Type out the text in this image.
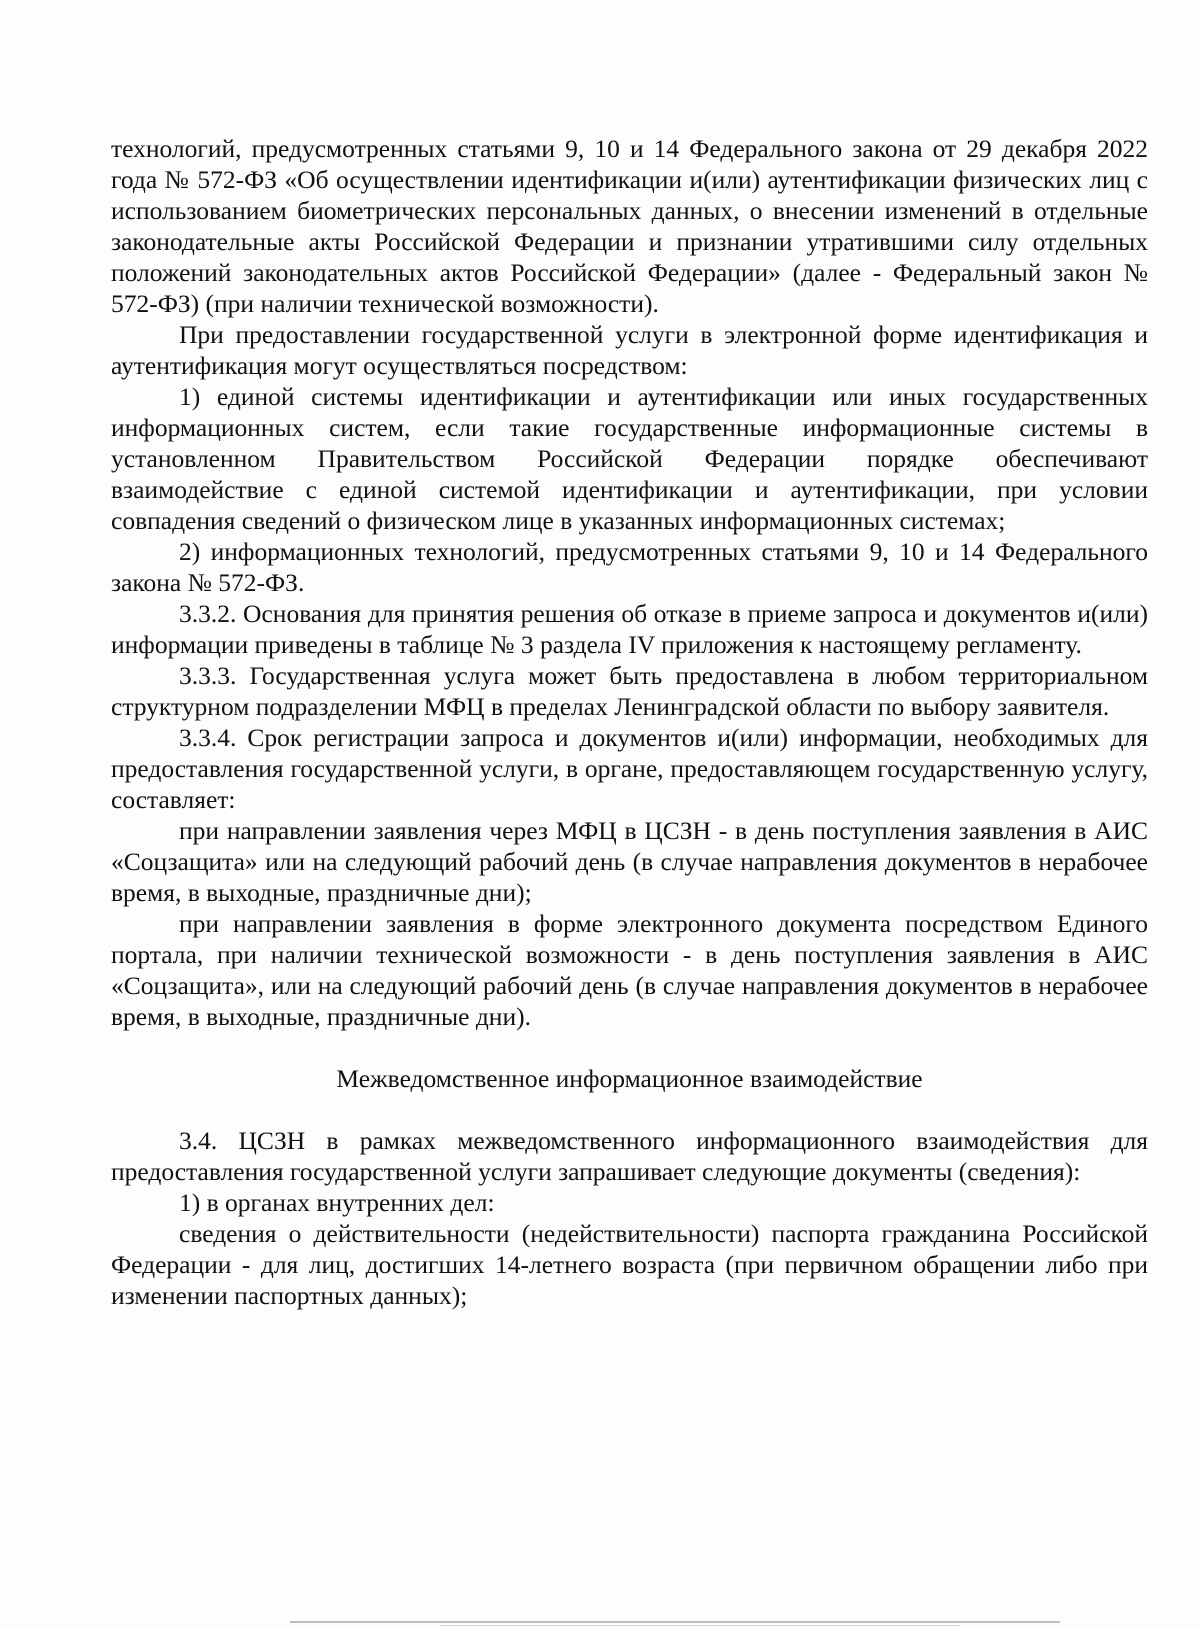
технологий, предусмотренных статьями 9, 10 и 14 Федерального закона от 29 декабря 2022 года № 572-ФЗ «Об осуществлении идентификации и(или) аутентификации физических лиц с использованием биометрических персональных данных, о внесении изменений в отдельные законодательные акты Российской Федерации и признании утратившими силу отдельных положений законодательных актов Российской Федерации» (далее - Федеральный закон № 572-ФЗ) (при наличии технической возможности).

При предоставлении государственной услуги в электронной форме идентификация и аутентификация могут осуществляться посредством:

1) единой системы идентификации и аутентификации или иных государственных информационных систем, если такие государственные информационные системы в установленном Правительством Российской Федерации порядке обеспечивают взаимодействие с единой системой идентификации и аутентификации, при условии совпадения сведений о физическом лице в указанных информационных системах;

2) информационных технологий, предусмотренных статьями 9, 10 и 14 Федерального закона № 572-ФЗ.

3.3.2. Основания для принятия решения об отказе в приеме запроса и документов и(или) информации приведены в таблице № 3 раздела IV приложения к настоящему регламенту.

3.3.3. Государственная услуга может быть предоставлена в любом территориальном структурном подразделении МФЦ в пределах Ленинградской области по выбору заявителя.

3.3.4. Срок регистрации запроса и документов и(или) информации, необходимых для предоставления государственной услуги, в органе, предоставляющем государственную услугу, составляет:

при направлении заявления через МФЦ в ЦСЗН - в день поступления заявления в АИС «Соцзащита» или на следующий рабочий день (в случае направления документов в нерабочее время, в выходные, праздничные дни);

при направлении заявления в форме электронного документа посредством Единого портала, при наличии технической возможности - в день поступления заявления в АИС «Соцзащита», или на следующий рабочий день (в случае направления документов в нерабочее время, в выходные, праздничные дни).

Межведомственное информационное взаимодействие

3.4. ЦСЗН в рамках межведомственного информационного взаимодействия для предоставления государственной услуги запрашивает следующие документы (сведения):

1) в органах внутренних дел:

сведения о действительности (недействительности) паспорта гражданина Российской Федерации - для лиц, достигших 14-летнего возраста (при первичном обращении либо при изменении паспортных данных);
